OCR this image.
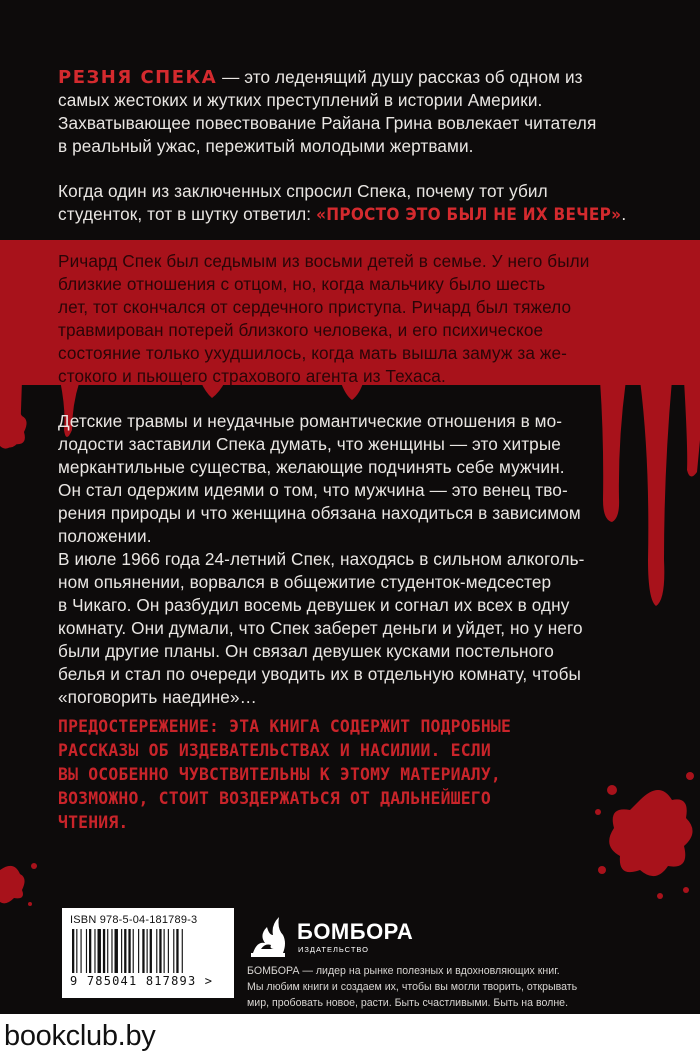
РЕЗНЯ СПЕКА — это леденящий душу рассказ об одном из
самых жестоких и жутких преступлений в истории Америки.
Захватывающее повествование Райана Грина вовлекает читателя
в реальный ужас, пережитый молодыми жертвами.
Когда один из заключенных спросил Спека, почему тот убил
студенток, тот в шутку ответил: «ПРОСТО ЭТО БЫЛ НЕ ИХ ВЕЧЕР».
Ричард Спек был седьмым из восьми детей в семье. У него были
близкие отношения с отцом, но, когда мальчику было шесть
лет, тот скончался от сердечного приступа. Ричард был тяжело
травмирован потерей близкого человека, и его психическое
состояние только ухудшилось, когда мать вышла замуж за же-
стокого и пьющего страхового агента из Техаса.
Детские травмы и неудачные романтические отношения в мо-
лодости заставили Спека думать, что женщины — это хитрые
меркантильные существа, желающие подчинять себе мужчин.
Он стал одержим идеями о том, что мужчина — это венец тво-
рения природы и что женщина обязана находиться в зависимом
положении.
В июле 1966 года 24-летний Спек, находясь в сильном алкоголь-
ном опьянении, ворвался в общежитие студенток-медсестер
в Чикаго. Он разбудил восемь девушек и согнал их всех в одну
комнату. Они думали, что Спек заберет деньги и уйдет, но у него
были другие планы. Он связал девушек кусками постельного
белья и стал по очереди уводить их в отдельную комнату, чтобы
«поговорить наедине»…
ПРЕДОСТЕРЕЖЕНИЕ: ЭТА КНИГА СОДЕРЖИТ ПОДРОБНЫЕ
РАССКАЗЫ ОБ ИЗДЕВАТЕЛЬСТВАХ И НАСИЛИИ. ЕСЛИ
ВЫ ОСОБЕННО ЧУВСТВИТЕЛЬНЫ К ЭТОМУ МАТЕРИАЛУ,
ВОЗМОЖНО, СТОИТ ВОЗДЕРЖАТЬСЯ ОТ ДАЛЬНЕЙШЕГО
ЧТЕНИЯ.
ISBN 978-5-04-181789-3
9 785041 817893 >
БОМБОРА
ИЗДАТЕЛЬСТВО
БОМБОРА — лидер на рынке полезных и вдохновляющих книг.
Мы любим книги и создаем их, чтобы вы могли творить, открывать
мир, пробовать новое, расти. Быть счастливыми. Быть на волне.
bookclub.by
